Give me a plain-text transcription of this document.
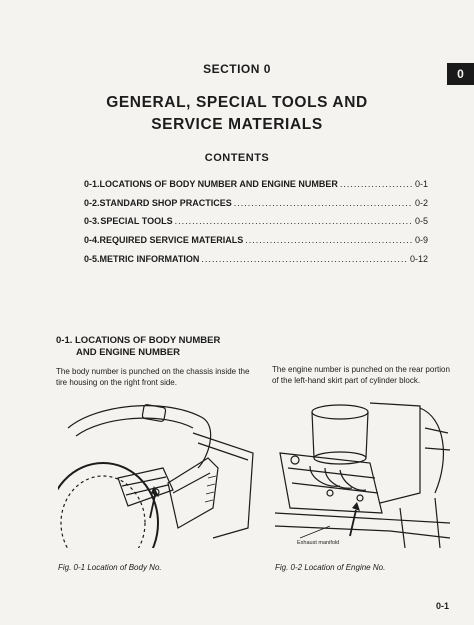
SECTION 0	0
GENERAL, SPECIAL TOOLS AND
SERVICE MATERIALS
CONTENTS
0-1. LOCATIONS OF BODY NUMBER AND ENGINE NUMBER .....	0-1
0-2. STANDARD SHOP PRACTICES .....	0-2
0-3. SPECIAL TOOLS .....	0-5
0-4. REQUIRED SERVICE MATERIALS .....	0-9
0-5. METRIC INFORMATION .....	0-12
0-1. LOCATIONS OF BODY NUMBER
AND ENGINE NUMBER
The body number is punched on the chassis inside the tire housing on the right front side.
The engine number is punched on the rear portion of the left-hand skirt part of cylinder block.
Exhaust manifold
Fig. 0-1 Location of Body No.	Fig. 0-2 Location of Engine No.
0-1
